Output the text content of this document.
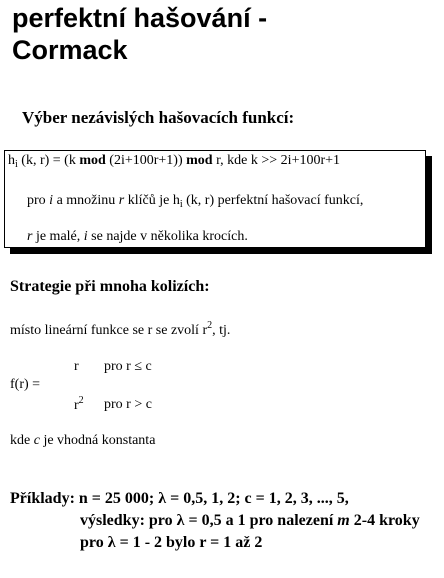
perfektní hašování -
Cormack
Výber nezávislých hašovacích funkcí:
$h_i$ (k, r) = (k mod (2i+100r+1)) mod r, kde k >> 2i+100r+1
pro i a množinu r klíčů je $h_i$ (k, r) perfektní hašovací funkcí,
r je malé, i se najde v několika krocích.
Strategie při mnoha kolizích:
místo lineární funkce se r se zvolí $r^2$, tj.
f(r) =
r pro r ≤ c
$r^2$ pro r > c
kde c je vhodná konstanta
Příklady: n = 25 000; λ = 0,5, 1, 2; c = 1, 2, 3, ..., 5,
výsledky: pro λ = 0,5 a 1 pro nalezení m 2-4 kroky
pro λ = 1 - 2 bylo r = 1 až 2
